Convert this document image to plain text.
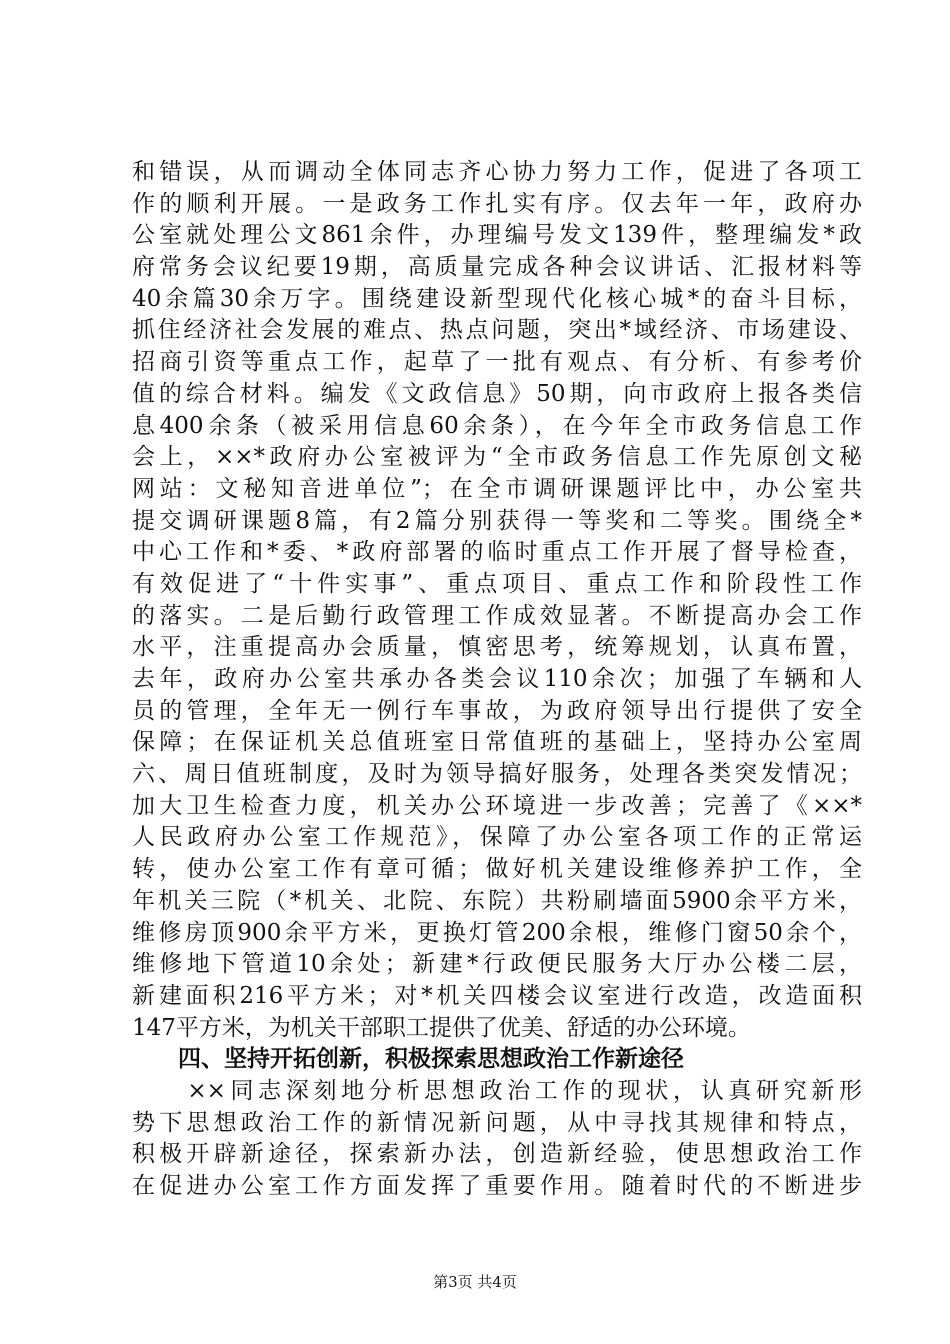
和错误，从而调动全体同志齐心协力努力工作，促进了各项工
作的顺利开展。一是政务工作扎实有序。仅去年一年，政府办
公室就处理公文861余件，办理编号发文139件，整理编发*政
府常务会议纪要19期，高质量完成各种会议讲话、汇报材料等
40余篇30余万字。围绕建设新型现代化核心城*的奋斗目标，
抓住经济社会发展的难点、热点问题，突出*域经济、市场建设、
招商引资等重点工作，起草了一批有观点、有分析、有参考价
值的综合材料。编发《文政信息》50期，向市政府上报各类信
息400余条（被采用信息60余条），在今年全市政务信息工作
会上，××*政府办公室被评为“全市政务信息工作先原创文秘
网站：文秘知音进单位”；在全市调研课题评比中，办公室共
提交调研课题8篇，有2篇分别获得一等奖和二等奖。围绕全*
中心工作和*委、*政府部署的临时重点工作开展了督导检查，
有效促进了“十件实事”、重点项目、重点工作和阶段性工作
的落实。二是后勤行政管理工作成效显著。不断提高办会工作
水平，注重提高办会质量，慎密思考，统筹规划，认真布置，
去年，政府办公室共承办各类会议110余次；加强了车辆和人
员的管理，全年无一例行车事故，为政府领导出行提供了安全
保障；在保证机关总值班室日常值班的基础上，坚持办公室周
六、周日值班制度，及时为领导搞好服务，处理各类突发情况；
加大卫生检查力度，机关办公环境进一步改善；完善了《××*
人民政府办公室工作规范》，保障了办公室各项工作的正常运
转，使办公室工作有章可循；做好机关建设维修养护工作，全
年机关三院（*机关、北院、东院）共粉刷墙面5900余平方米，
维修房顶900余平方米，更换灯管200余根，维修门窗50余个，
维修地下管道10余处；新建*行政便民服务大厅办公楼二层，
新建面积216平方米；对*机关四楼会议室进行改造，改造面积
147平方米，为机关干部职工提供了优美、舒适的办公环境。
四、坚持开拓创新，积极探索思想政治工作新途径
　　××同志深刻地分析思想政治工作的现状，认真研究新形
势下思想政治工作的新情况新问题，从中寻找其规律和特点，
积极开辟新途径，探索新办法，创造新经验，使思想政治工作
在促进办公室工作方面发挥了重要作用。随着时代的不断进步
第3页 共4页
